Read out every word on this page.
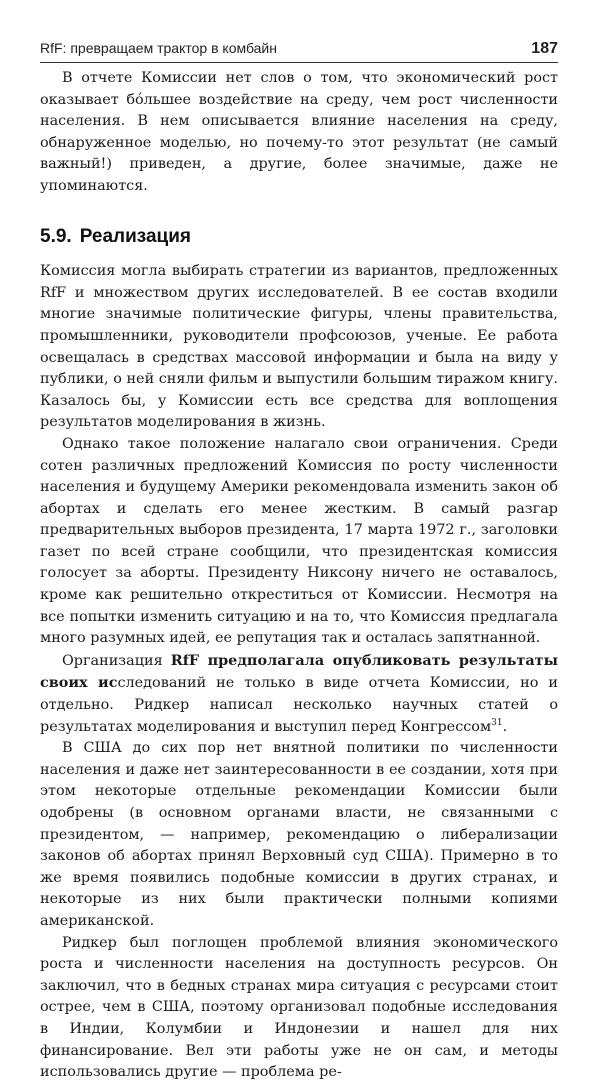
RfF: превращаем трактор в комбайн	187

В отчете Комиссии нет слов о том, что экономический рост оказывает бóльшее воздействие на среду, чем рост численности населения. В нем описывается влияние населения на среду, обнаруженное моделью, но почему-то этот результат (не самый важный!) приведен, а другие, более значимые, даже не упоминаются.

5.9. Реализация

Комиссия могла выбирать стратегии из вариантов, предложенных RfF и множеством других исследователей. В ее состав входили многие значимые политические фигуры, члены правительства, промышленники, руководители профсоюзов, ученые. Ее работа освещалась в средствах массовой информации и была на виду у публики, о ней сняли фильм и выпустили большим тиражом книгу. Казалось бы, у Комиссии есть все средства для воплощения результатов моделирования в жизнь.

Однако такое положение налагало свои ограничения. Среди сотен различных предложений Комиссия по росту численности населения и будущему Америки рекомендовала изменить закон об абортах и сделать его менее жестким. В самый разгар предварительных выборов президента, 17 марта 1972 г., заголовки газет по всей стране сообщили, что президентская комиссия голосует за аборты. Президенту Никсону ничего не оставалось, кроме как решительно откреститься от Комиссии. Несмотря на все попытки изменить ситуацию и на то, что Комиссия предлагала много разумных идей, ее репутация так и осталась запятнанной.

Организация RfF предполагала опубликовать результаты своих исследований не только в виде отчета Комиссии, но и отдельно. Ридкер написал несколько научных статей о результатах моделирования и выступил перед Конгрессом$^{31}$.

В США до сих пор нет внятной политики по численности населения и даже нет заинтересованности в ее создании, хотя при этом некоторые отдельные рекомендации Комиссии были одобрены (в основном органами власти, не связанными с президентом, — например, рекомендацию о либерализации законов об абортах принял Верховный суд США). Примерно в то же время появились подобные комиссии в других странах, и некоторые из них были практически полными копиями американской.

Ридкер был поглощен проблемой влияния экономического роста и численности населения на доступность ресурсов. Он заключил, что в бедных странах мира ситуация с ресурсами стоит острее, чем в США, поэтому организовал подобные исследования в Индии, Колумбии и Индонезии и нашел для них финансирование. Вел эти работы уже не он сам, и методы использовались другие — проблема ре-
